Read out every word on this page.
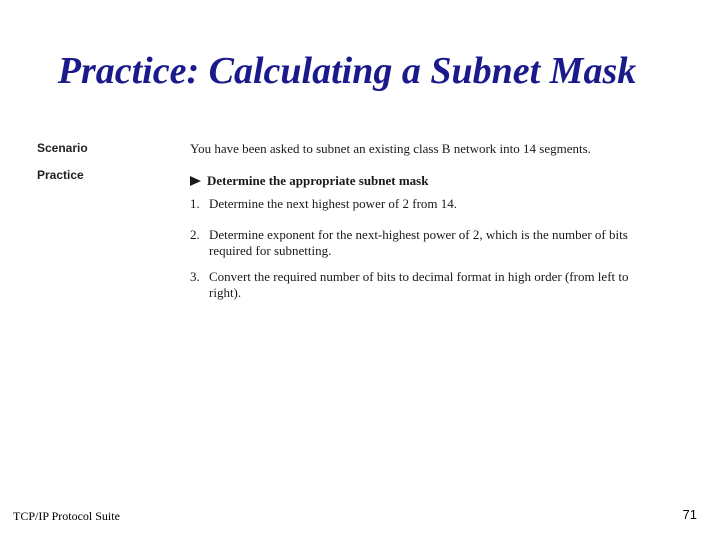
Practice: Calculating a Subnet Mask
Scenario
Practice
You have been asked to subnet an existing class B network into 14 segments.
Determine the appropriate subnet mask
1. Determine the next highest power of 2 from 14.
2. Determine exponent for the next-highest power of 2, which is the number of bits required for subnetting.
3. Convert the required number of bits to decimal format in high order (from left to right).
TCP/IP Protocol Suite	71
